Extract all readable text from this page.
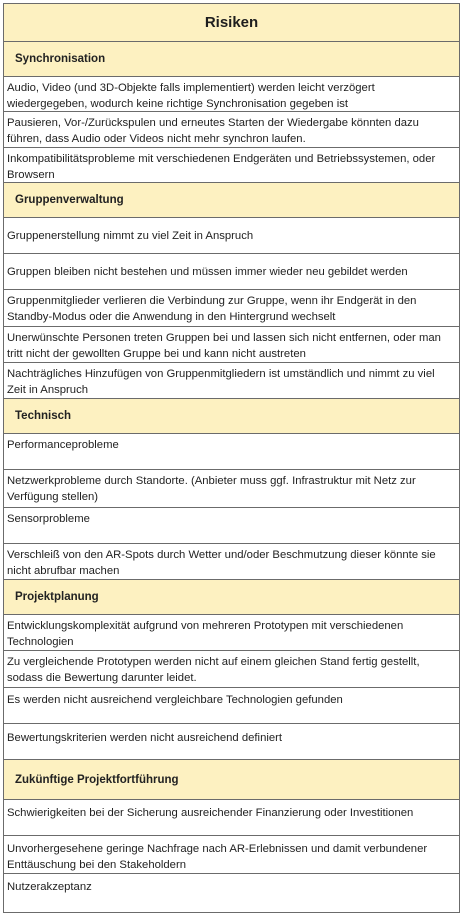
Risiken
Synchronisation
Audio, Video (und 3D-Objekte falls implementiert) werden leicht verzögert wiedergegeben, wodurch keine richtige Synchronisation gegeben ist
Pausieren, Vor-/Zurückspulen und erneutes Starten der Wiedergabe könnten dazu führen, dass Audio oder Videos nicht mehr synchron laufen.
Inkompatibilitätsprobleme mit verschiedenen Endgeräten und Betriebssystemen, oder Browsern
Gruppenverwaltung
Gruppenerstellung nimmt zu viel Zeit in Anspruch
Gruppen bleiben nicht bestehen und müssen immer wieder neu gebildet werden
Gruppenmitglieder verlieren die Verbindung zur Gruppe, wenn ihr Endgerät in den Standby-Modus oder die Anwendung in den Hintergrund wechselt
Unerwünschte Personen treten Gruppen bei und lassen sich nicht entfernen, oder man tritt nicht der gewollten Gruppe bei und kann nicht austreten
Nachträgliches Hinzufügen von Gruppenmitgliedern ist umständlich und nimmt zu viel Zeit in Anspruch
Technisch
Performanceprobleme
Netzwerkprobleme durch Standorte. (Anbieter muss ggf. Infrastruktur mit Netz zur Verfügung stellen)
Sensorprobleme
Verschleiß von den AR-Spots durch Wetter und/oder Beschmutzung dieser könnte sie nicht abrufbar machen
Projektplanung
Entwicklungskomplexität aufgrund von mehreren Prototypen mit verschiedenen Technologien
Zu vergleichende Prototypen werden nicht auf einem gleichen Stand fertig gestellt, sodass die Bewertung darunter leidet.
Es werden nicht ausreichend vergleichbare Technologien gefunden
Bewertungskriterien werden nicht ausreichend definiert
Zukünftige Projektfortführung
Schwierigkeiten bei der Sicherung ausreichender Finanzierung oder Investitionen
Unvorhergesehene geringe Nachfrage nach AR-Erlebnissen und damit verbundener Enttäuschung bei den Stakeholdern
Nutzerakzeptanz
